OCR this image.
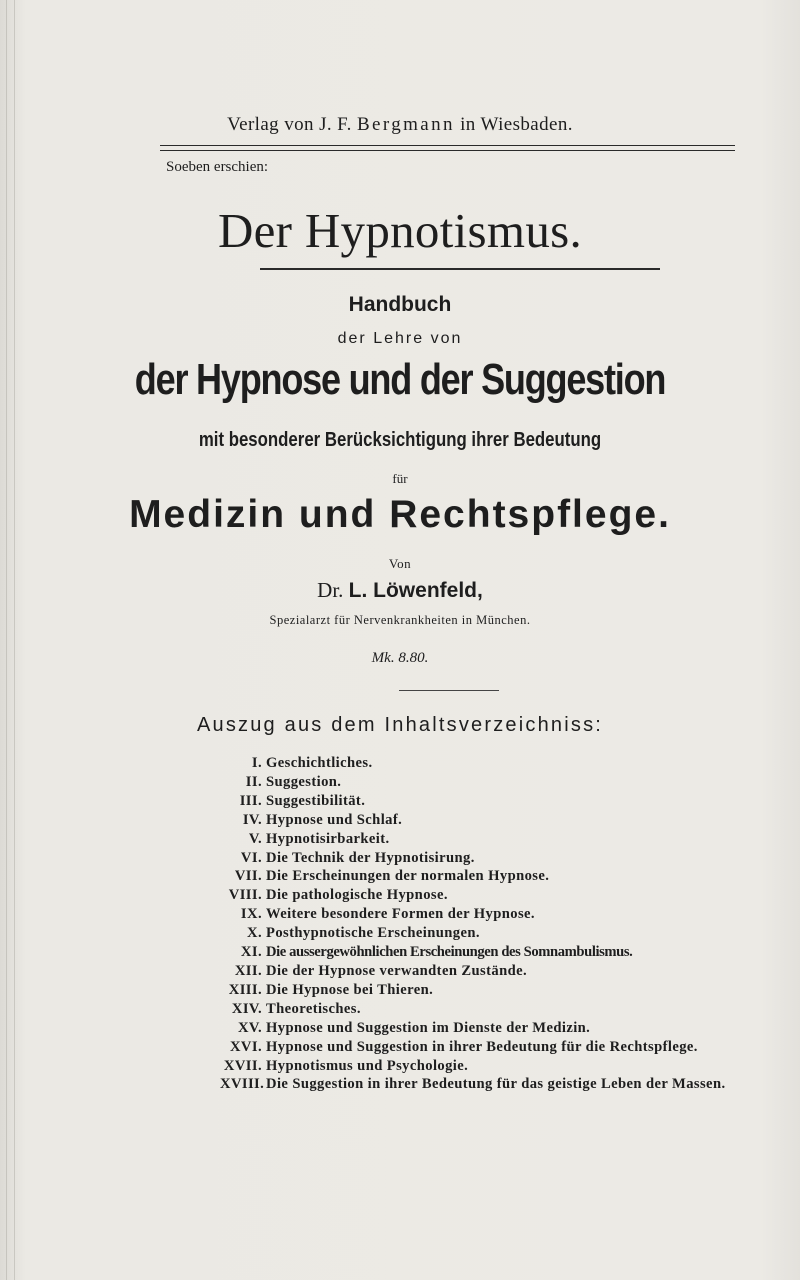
Verlag von J. F. Bergmann in Wiesbaden.
Soeben erschien:
Der Hypnotismus.
Handbuch
der Lehre von
der Hypnose und der Suggestion
mit besonderer Berücksichtigung ihrer Bedeutung
für
Medizin und Rechtspflege.
Von
Dr. L. Löwenfeld,
Spezialarzt für Nervenkrankheiten in München.
Mk. 8.80.
Auszug aus dem Inhaltsverzeichniss:
I. Geschichtliches.
II. Suggestion.
III. Suggestibilität.
IV. Hypnose und Schlaf.
V. Hypnotisirbarkeit.
VI. Die Technik der Hypnotisirung.
VII. Die Erscheinungen der normalen Hypnose.
VIII. Die pathologische Hypnose.
IX. Weitere besondere Formen der Hypnose.
X. Posthypnotische Erscheinungen.
XI. Die aussergewöhnlichen Erscheinungen des Somnambulismus.
XII. Die der Hypnose verwandten Zustände.
XIII. Die Hypnose bei Thieren.
XIV. Theoretisches.
XV. Hypnose und Suggestion im Dienste der Medizin.
XVI. Hypnose und Suggestion in ihrer Bedeutung für die Rechtspflege.
XVII. Hypnotismus und Psychologie.
XVIII. Die Suggestion in ihrer Bedeutung für das geistige Leben der Massen.
